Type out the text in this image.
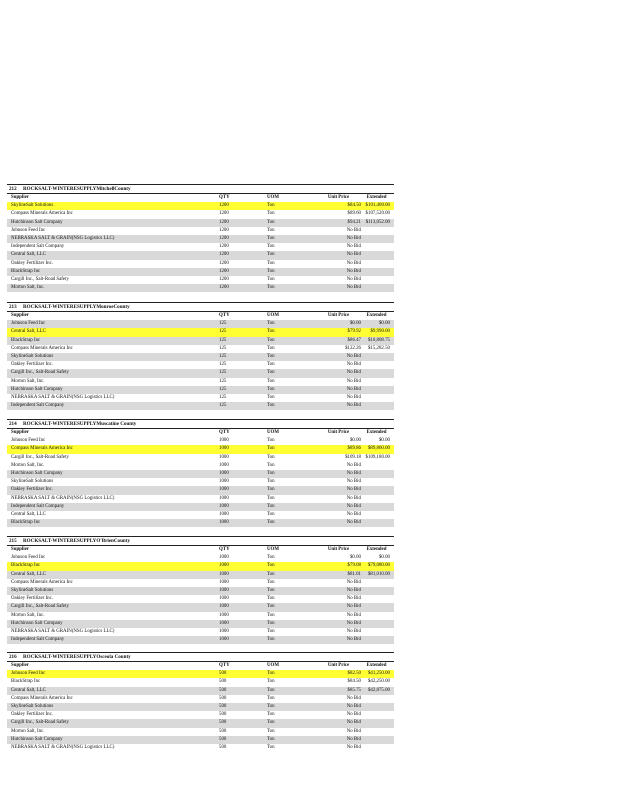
212 ROCKSALT-WINTERESUPPLYMitchellCounty
Supplier	QTY	UOM	Unit Price	Extended
SkylineSalt Solutions	1200	Ton	$84.50	$101,400.00
Compass Minerals America Inc	1200	Ton	$89.60	$107,520.00
Hutchinson Salt Company	1200	Ton	$94.21	$113,052.00
Johnson Feed Inc	1200	Ton	No Bid	
NEBRASKA SALT & GRAIN(NSG Logistics LLC)	1200	Ton	No Bid	
Independent Salt Company	1200	Ton	No Bid	
Central Salt, LLC	1200	Ton	No Bid	
Oakley Fertilizer Inc.	1200	Ton	No Bid	
BlackStrap Inc	1200	Ton	No Bid	
Cargill Inc., Salt-Road Safety	1200	Ton	No Bid	
Morton Salt, Inc.	1200	Ton	No Bid	
213 ROCKSALT-WINTERESUPPLYMonroeCounty
Supplier	QTY	UOM	Unit Price	Extended
Johnson Feed Inc	125	Ton	$0.00	$0.00
Central Salt, LLC	125	Ton	$79.92	$9,990.00
BlackStrap Inc	125	Ton	$86.47	$10,808.75
Compass Minerals America Inc	125	Ton	$122.26	$15,282.50
SkylineSalt Solutions	125	Ton	No Bid	
Oakley Fertilizer Inc.	125	Ton	No Bid	
Cargill Inc., Salt-Road Safety	125	Ton	No Bid	
Morton Salt, Inc.	125	Ton	No Bid	
Hutchinson Salt Company	125	Ton	No Bid	
NEBRASKA SALT & GRAIN(NSG Logistics LLC)	125	Ton	No Bid	
Independent Salt Company	125	Ton	No Bid	
214 ROCKSALT-WINTERESUPPLYMuscatine County
Supplier	QTY	UOM	Unit Price	Extended
Johnson Feed Inc	1000	Ton	$0.00	$0.00
Compass Minerals America Inc	1000	Ton	$89.86	$89,860.00
Cargill Inc., Salt-Road Safety	1000	Ton	$109.18	$109,180.00
Morton Salt, Inc.	1000	Ton	No Bid	
Hutchinson Salt Company	1000	Ton	No Bid	
SkylineSalt Solutions	1000	Ton	No Bid	
Oakley Fertilizer Inc.	1000	Ton	No Bid	
NEBRASKA SALT & GRAIN(NSG Logistics LLC)	1000	Ton	No Bid	
Independent Salt Company	1000	Ton	No Bid	
Central Salt, LLC	1000	Ton	No Bid	
BlackStrap Inc	1000	Ton	No Bid	
215 ROCKSALT-WINTERESUPPLYO'BrienCounty
Supplier	QTY	UOM	Unit Price	Extended
Johnson Feed Inc	1000	Ton	$0.00	$0.00
BlackStrap Inc	1000	Ton	$79.08	$79,080.00
Central Salt, LLC	1000	Ton	$81.01	$81,010.00
Compass Minerals America Inc	1000	Ton	No Bid	
SkylineSalt Solutions	1000	Ton	No Bid	
Oakley Fertilizer Inc.	1000	Ton	No Bid	
Cargill Inc., Salt-Road Safety	1000	Ton	No Bid	
Morton Salt, Inc.	1000	Ton	No Bid	
Hutchinson Salt Company	1000	Ton	No Bid	
NEBRASKA SALT & GRAIN(NSG Logistics LLC)	1000	Ton	No Bid	
Independent Salt Company	1000	Ton	No Bid	
216 ROCKSALT-WINTERESUPPLYOsceola County
Supplier	QTY	UOM	Unit Price	Extended
Johnson Feed Inc	500	Ton	$82.50	$41,250.00
BlackStrap Inc	500	Ton	$84.50	$42,250.00
Central Salt, LLC	500	Ton	$85.75	$42,875.00
Compass Minerals America Inc	500	Ton	No Bid	
SkylineSalt Solutions	500	Ton	No Bid	
Oakley Fertilizer Inc.	500	Ton	No Bid	
Cargill Inc., Salt-Road Safety	500	Ton	No Bid	
Morton Salt, Inc.	500	Ton	No Bid	
Hutchinson Salt Company	500	Ton	No Bid	
NEBRASKA SALT & GRAIN(NSG Logistics LLC)	500	Ton	No Bid	
